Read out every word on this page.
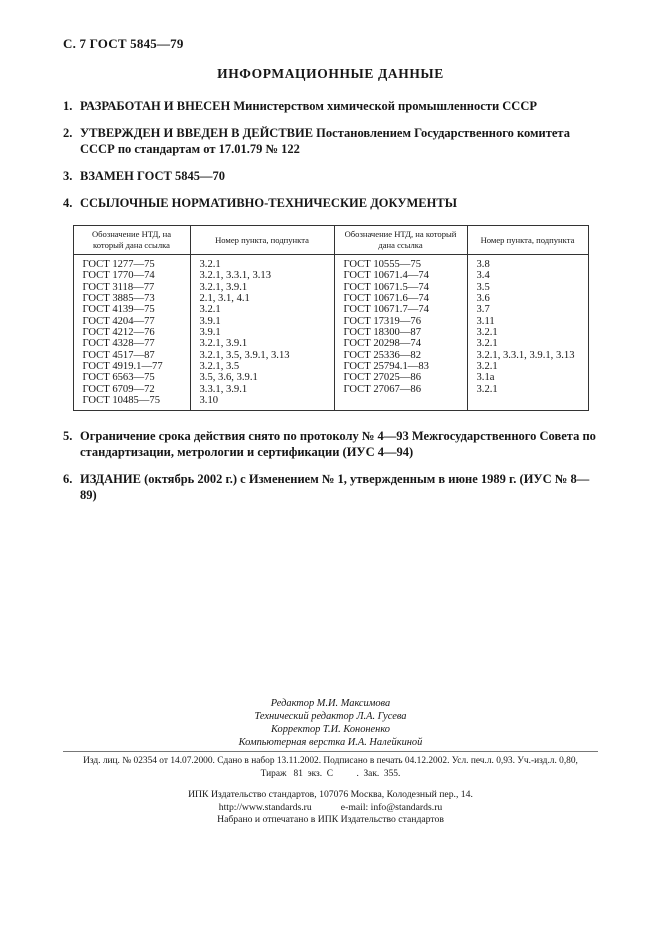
С. 7 ГОСТ 5845—79
ИНФОРМАЦИОННЫЕ ДАННЫЕ
1. РАЗРАБОТАН И ВНЕСЕН Министерством химической промышленности СССР
2. УТВЕРЖДЕН И ВВЕДЕН В ДЕЙСТВИЕ Постановлением Государственного комитета СССР по стандартам от 17.01.79 № 122
3. ВЗАМЕН ГОСТ 5845—70
4. ССЫЛОЧНЫЕ НОРМАТИВНО-ТЕХНИЧЕСКИЕ ДОКУМЕНТЫ
Обозначение НТД, на который дана ссылка	Номер пункта, подпункта	Обозначение НТД, на который дана ссылка	Номер пункта, подпункта
ГОСТ 1277—75	3.2.1	ГОСТ 10555—75	3.8
ГОСТ 1770—74	3.2.1, 3.3.1, 3.13	ГОСТ 10671.4—74	3.4
ГОСТ 3118—77	3.2.1, 3.9.1	ГОСТ 10671.5—74	3.5
ГОСТ 3885—73	2.1, 3.1, 4.1	ГОСТ 10671.6—74	3.6
ГОСТ 4139—75	3.2.1	ГОСТ 10671.7—74	3.7
ГОСТ 4204—77	3.9.1	ГОСТ 17319—76	3.11
ГОСТ 4212—76	3.9.1	ГОСТ 18300—87	3.2.1
ГОСТ 4328—77	3.2.1, 3.9.1	ГОСТ 20298—74	3.2.1
ГОСТ 4517—87	3.2.1, 3.5, 3.9.1, 3.13	ГОСТ 25336—82	3.2.1, 3.3.1, 3.9.1, 3.13
ГОСТ 4919.1—77	3.2.1, 3.5	ГОСТ 25794.1—83	3.2.1
ГОСТ 6563—75	3.5, 3.6, 3.9.1	ГОСТ 27025—86	3.1а
ГОСТ 6709—72	3.3.1, 3.9.1	ГОСТ 27067—86	3.2.1
ГОСТ 10485—75	3.10		
5. Ограничение срока действия снято по протоколу № 4—93 Межгосударственного Совета по стандартизации, метрологии и сертификации (ИУС 4—94)
6. ИЗДАНИЕ (октябрь 2002 г.) с Изменением № 1, утвержденным в июне 1989 г. (ИУС № 8—89)
Редактор М.И. Максимова
Технический редактор Л.А. Гусева
Корректор Т.И. Кононенко
Компьютерная верстка И.А. Налейкиной
Изд. лиц. № 02354 от 14.07.2000. Сдано в набор 13.11.2002. Подписано в печать 04.12.2002. Усл. печ.л. 0,93. Уч.-изд.л. 0,80,
Тираж   81  экз.  С          .  Зак.  355.
ИПК Издательство стандартов, 107076 Москва, Колодезный пер., 14.
http://www.standards.ru            e-mail: info@standards.ru
Набрано и отпечатано в ИПК Издательство стандартов
